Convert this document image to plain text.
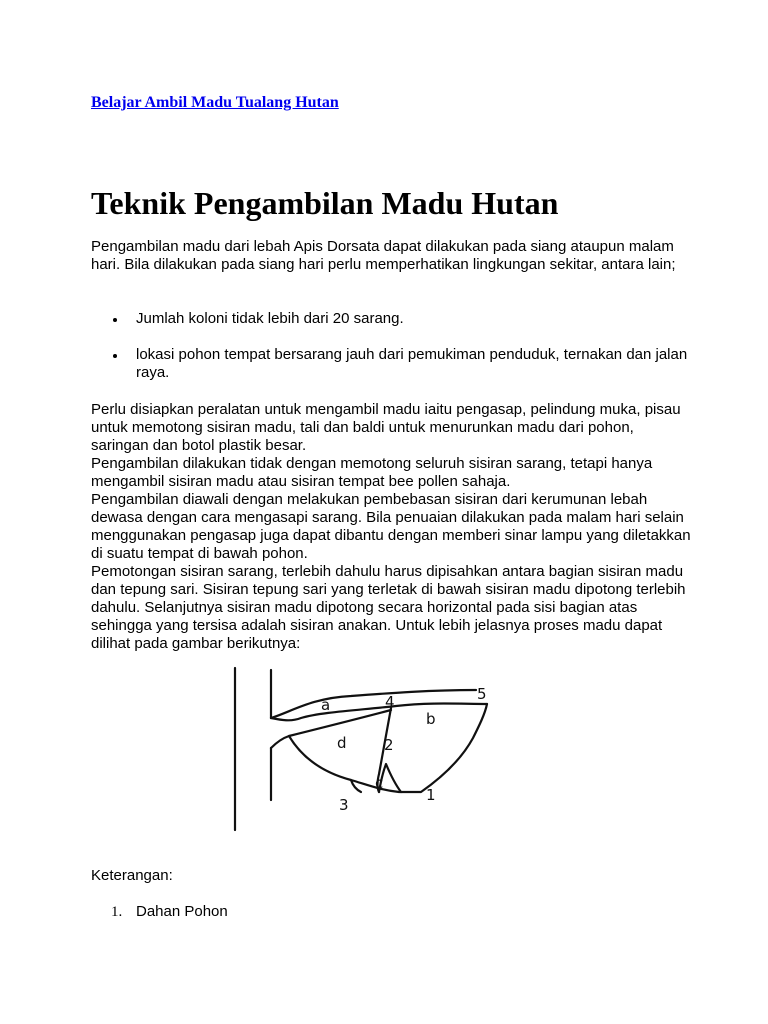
Belajar Ambil Madu Tualang Hutan
Teknik Pengambilan Madu Hutan

Pengambilan madu dari lebah Apis Dorsata dapat dilakukan pada siang ataupun malam hari. Bila dilakukan pada siang hari perlu memperhatikan lingkungan sekitar, antara lain;

Jumlah koloni tidak lebih dari 20 sarang.
lokasi pohon tempat bersarang jauh dari pemukiman penduduk, ternakan dan jalan raya.
Perlu disiapkan peralatan untuk mengambil madu iaitu pengasap, pelindung muka, pisau untuk memotong sisiran madu, tali dan baldi untuk menurunkan madu dari pohon, saringan dan botol plastik besar.
Pengambilan dilakukan tidak dengan memotong seluruh sisiran sarang, tetapi hanya mengambil sisiran madu atau sisiran tempat bee pollen sahaja.
Pengambilan diawali dengan melakukan pembebasan sisiran dari kerumunan lebah dewasa dengan cara mengasapi sarang. Bila penuaian dilakukan pada malam hari selain menggunakan pengasap juga dapat dibantu dengan memberi sinar lampu yang diletakkan di suatu tempat di bawah pohon.
Pemotongan sisiran sarang, terlebih dahulu harus dipisahkan antara bagian sisiran madu dan tepung sari. Sisiran tepung sari yang terletak di bawah sisiran madu dipotong terlebih dahulu. Selanjutnya sisiran madu dipotong secara horizontal pada sisi bagian atas sehingga yang tersisa adalah sisiran anakan. Untuk lebih jelasnya proses madu dapat dilihat pada gambar berikutnya:
a
b
c
d
1
2
3
4	5

Keterangan:

1. Dahan Pohon
